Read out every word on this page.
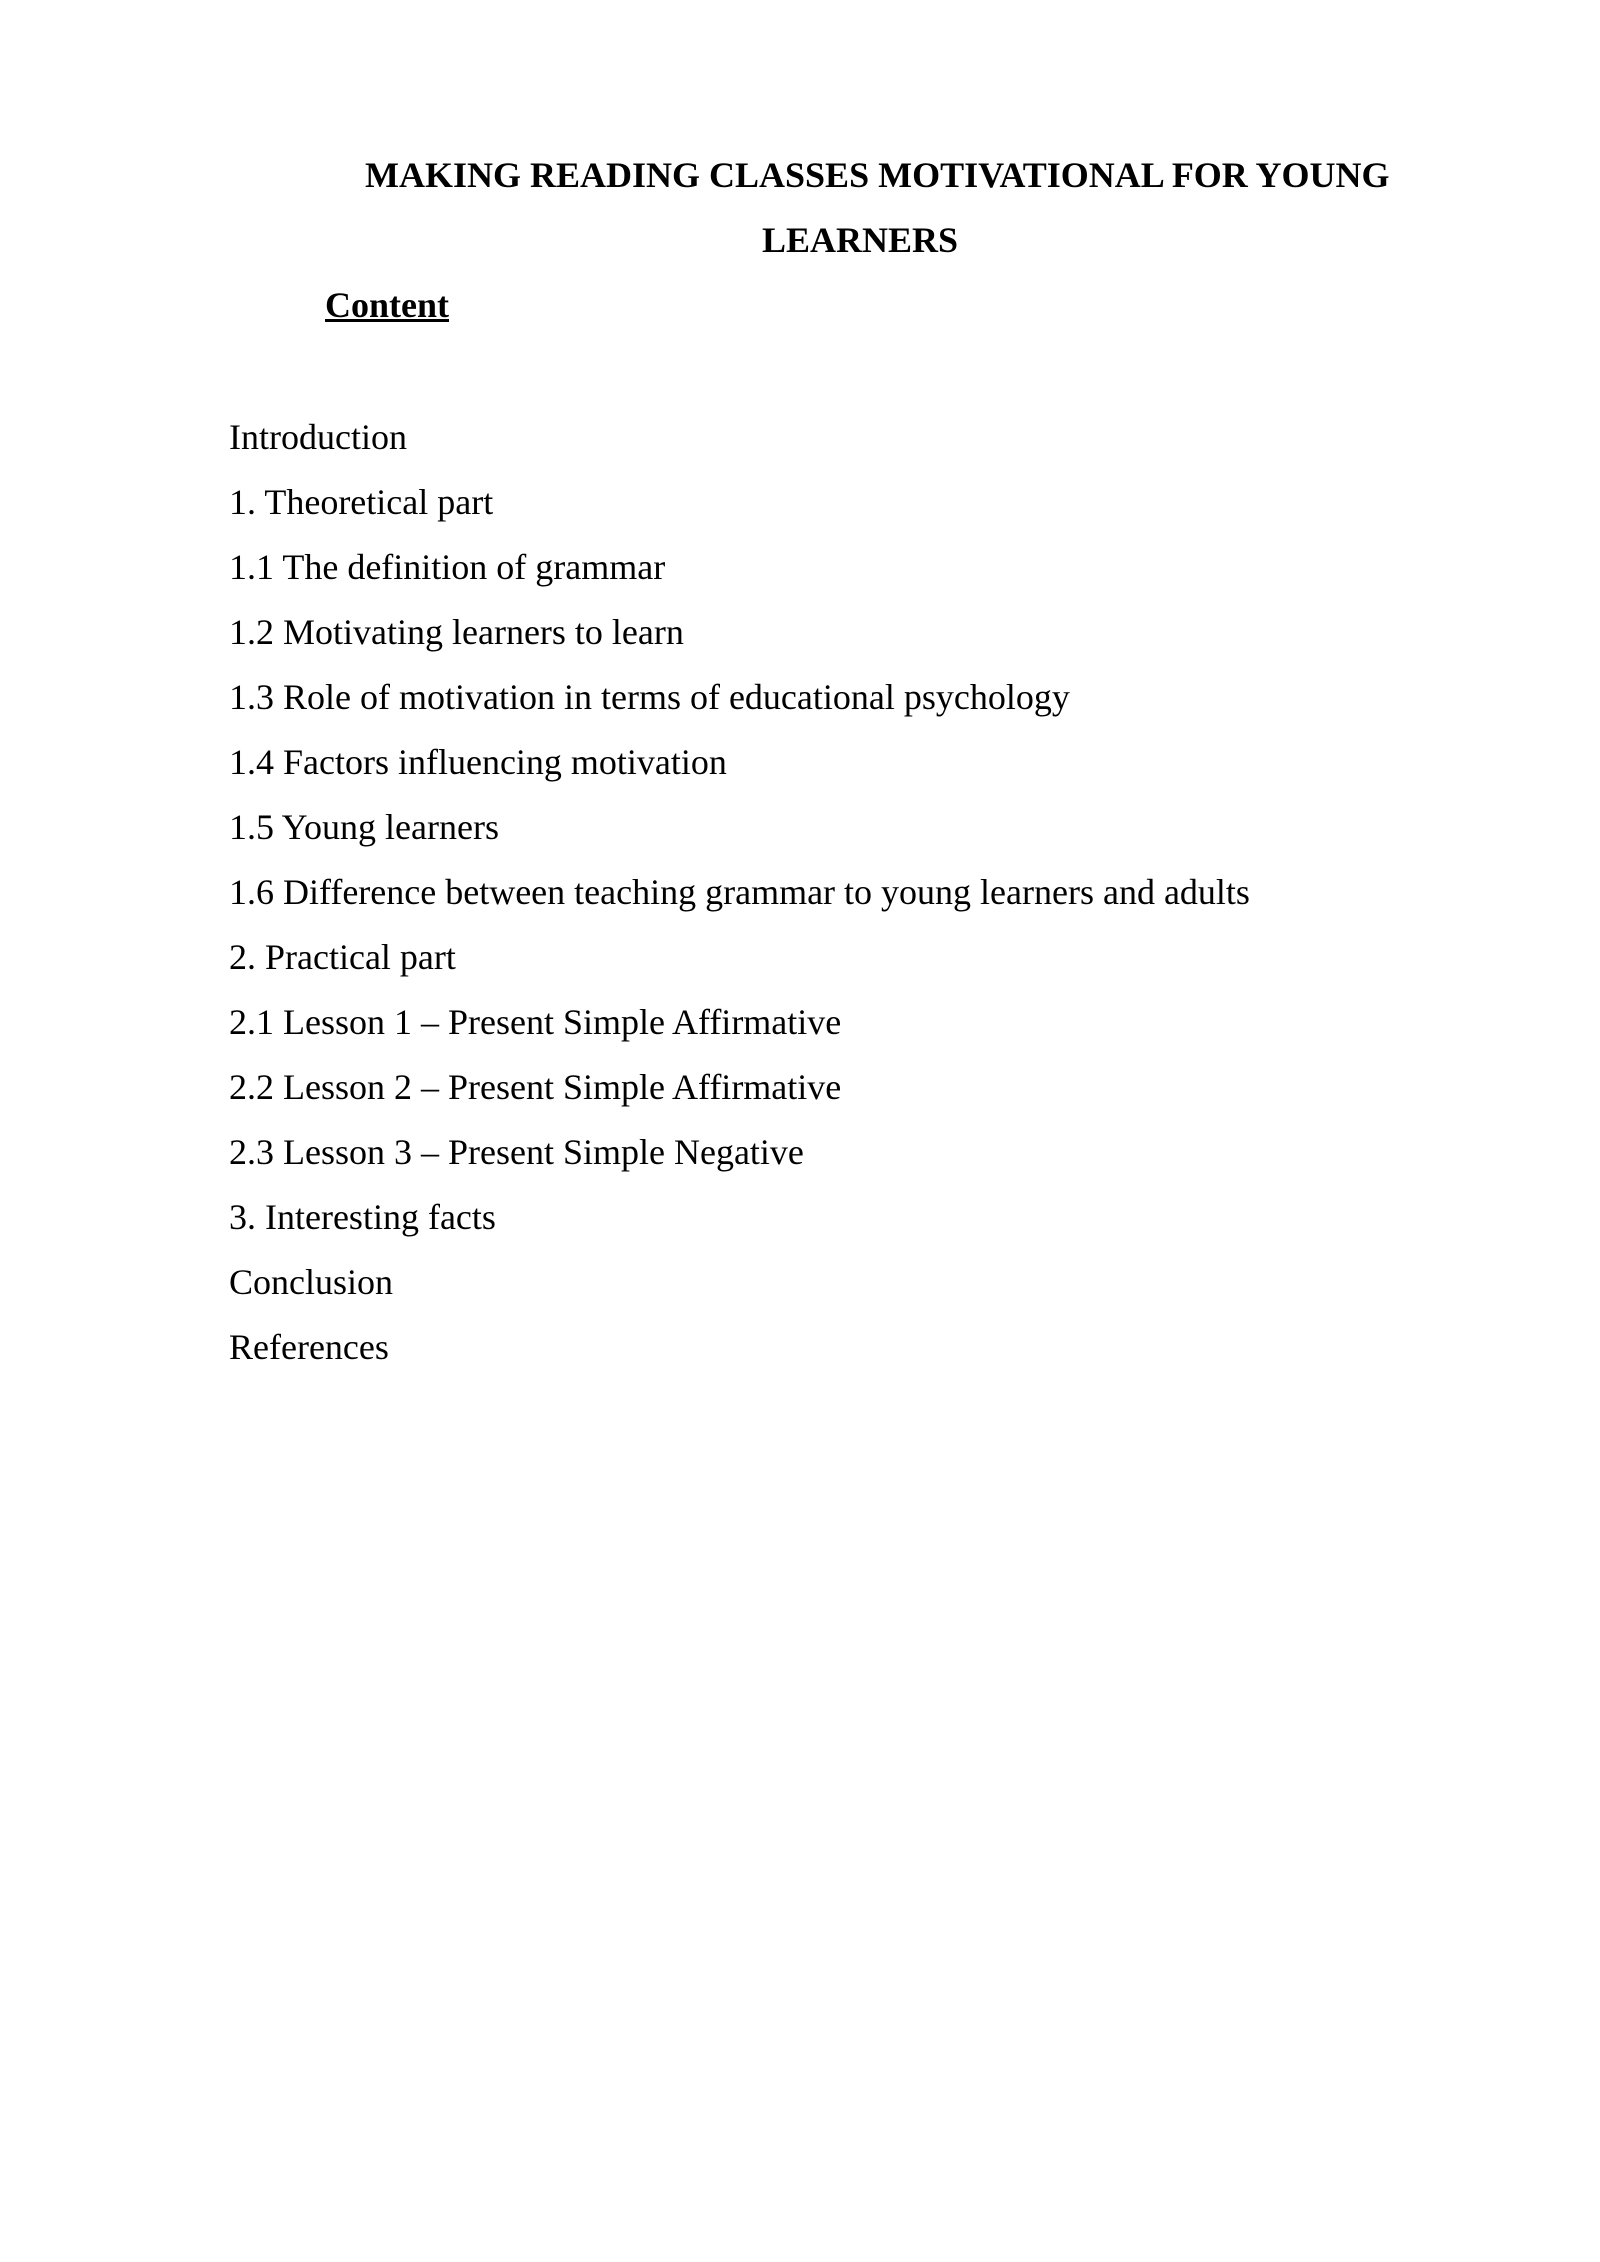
MAKING READING CLASSES MOTIVATIONAL FOR YOUNG
LEARNERS
Content
Introduction
1. Theoretical part
1.1 The definition of grammar
1.2 Motivating learners to learn
1.3 Role of motivation in terms of educational psychology
1.4 Factors influencing motivation
1.5 Young learners
1.6 Difference between teaching grammar to young learners and adults
2. Practical part
2.1 Lesson 1 – Present Simple Affirmative
2.2 Lesson 2 – Present Simple Affirmative
2.3 Lesson 3 – Present Simple Negative
3. Interesting facts
Conclusion
References
